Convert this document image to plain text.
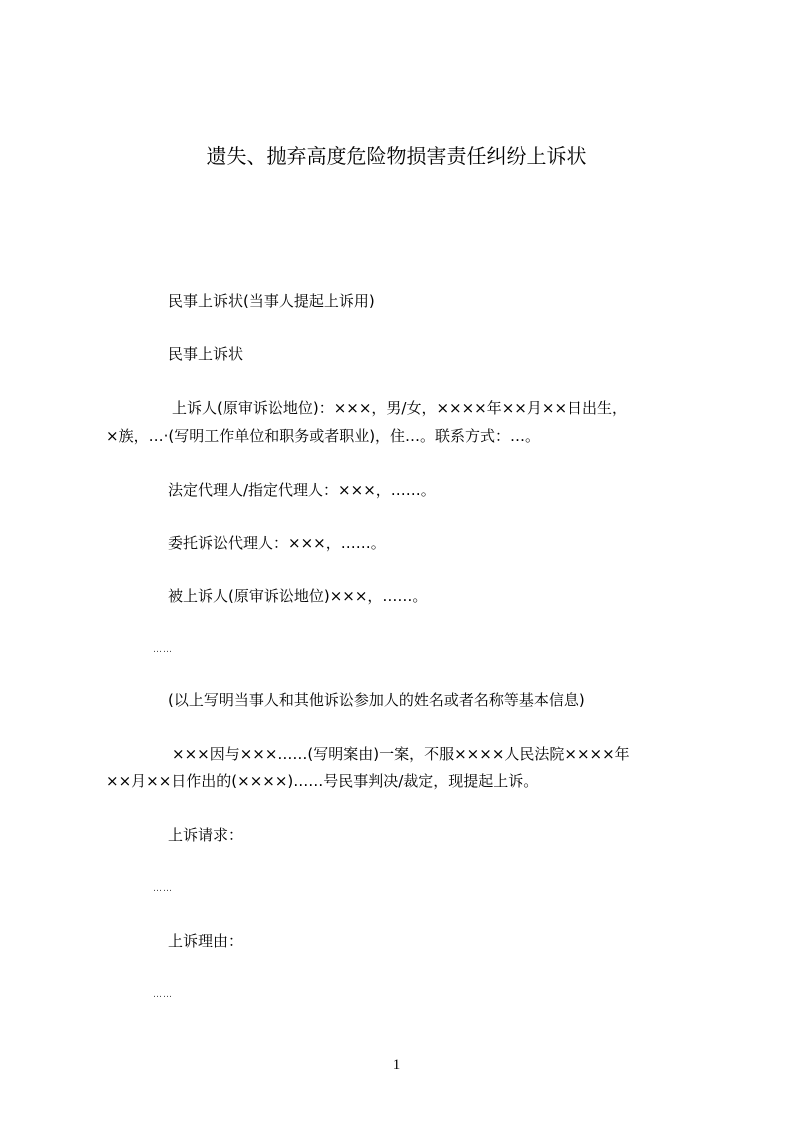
遗失、抛弃高度危险物损害责任纠纷上诉状
民事上诉状(当事人提起上诉用)
民事上诉状
上诉人(原审诉讼地位)：×××，男/女，××××年××月××日出生，
×族，…·(写明工作单位和职务或者职业)，住…。联系方式：…。
法定代理人/指定代理人：×××，……。
委托诉讼代理人：×××，……。
被上诉人(原审诉讼地位)×××，……。
……
(以上写明当事人和其他诉讼参加人的姓名或者名称等基本信息)
×××因与×××……(写明案由)一案，不服××××人民法院××××年
××月××日作出的(××××)……号民事判决/裁定，现提起上诉。
上诉请求：
……
上诉理由：
……
1
